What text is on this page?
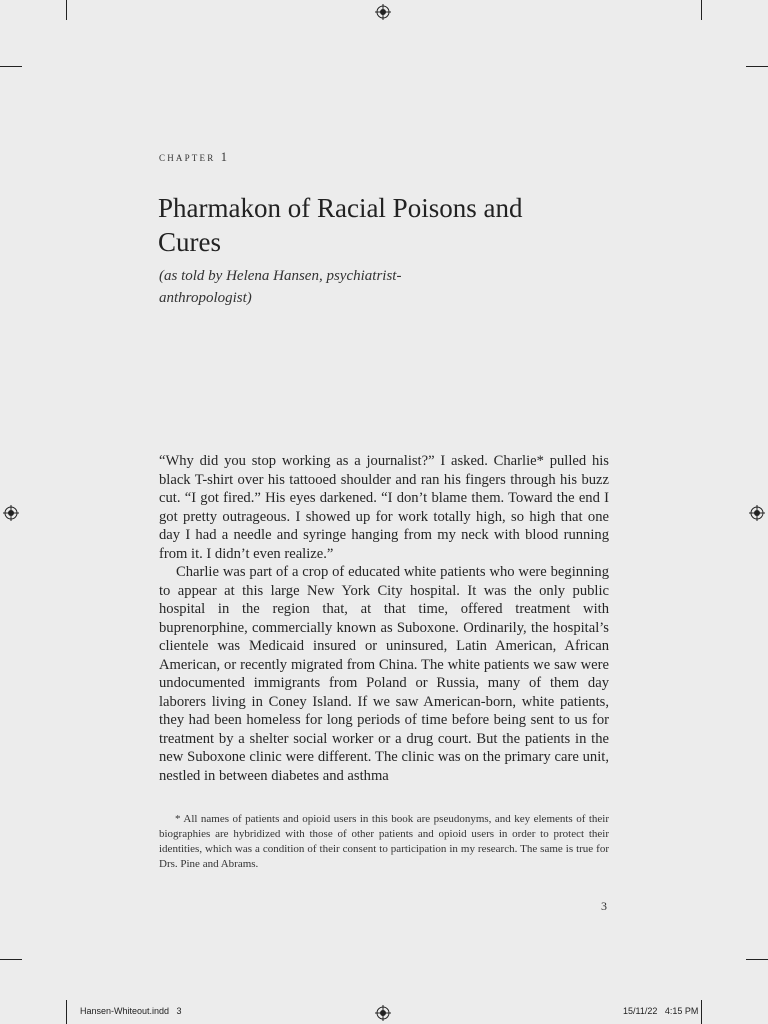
chapter 1
Pharmakon of Racial Poisons and Cures
(as told by Helena Hansen, psychiatrist-anthropologist)

“Why did you stop working as a journalist?” I asked. Charlie* pulled his black T-shirt over his tattooed shoulder and ran his fingers through his buzz cut. “I got fired.” His eyes darkened. “I don’t blame them. Toward the end I got pretty outrageous. I showed up for work totally high, so high that one day I had a needle and syringe hanging from my neck with blood running from it. I didn’t even realize.”

Charlie was part of a crop of educated white patients who were beginning to appear at this large New York City hospital. It was the only public hospital in the region that, at that time, offered treatment with buprenorphine, commercially known as Suboxone. Ordinarily, the hospital’s clientele was Medicaid insured or uninsured, Latin American, African American, or recently migrated from China. The white patients we saw were undocumented immigrants from Poland or Russia, many of them day laborers living in Coney Island. If we saw American-born, white patients, they had been homeless for long periods of time before being sent to us for treatment by a shelter social worker or a drug court. But the patients in the new Suboxone clinic were different. The clinic was on the primary care unit, nestled in between diabetes and asthma

* All names of patients and opioid users in this book are pseudonyms, and key elements of their biographies are hybridized with those of other patients and opioid users in order to protect their identities, which was a condition of their consent to participation in my research. The same is true for Drs. Pine and Abrams.
3
Hansen-Whiteout.indd   3	15/11/22   4:15 PM
